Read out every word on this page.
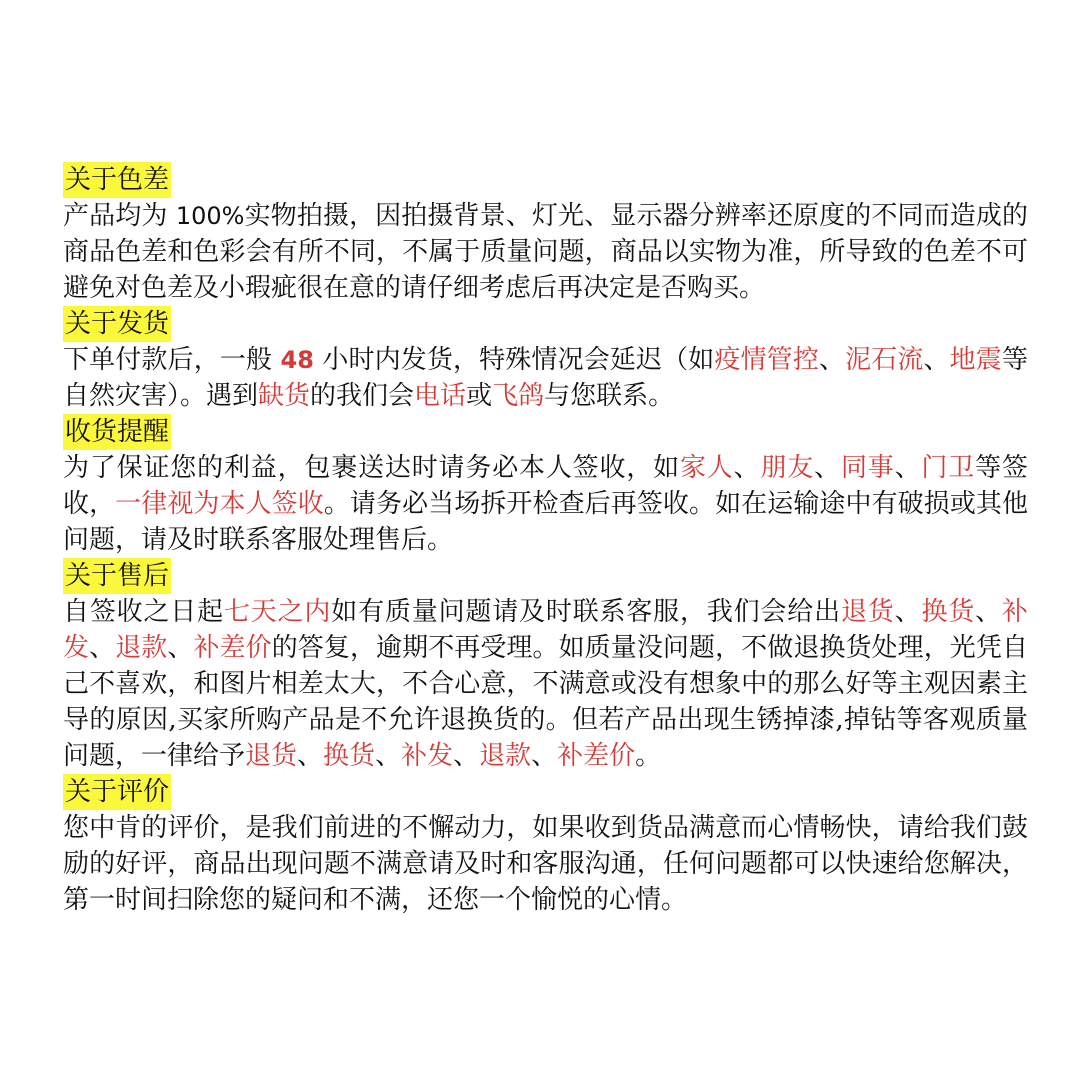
关于色差

产品均为 100%实物拍摄，因拍摄背景、灯光、显示器分辨率还原度的不同而造成的商品色差和色彩会有所不同，不属于质量问题，商品以实物为准，所导致的色差不可避免对色差及小瑕疵很在意的请仔细考虑后再决定是否购买。

关于发货

下单付款后，一般 48 小时内发货，特殊情况会延迟（如疫情管控、泥石流、地震等自然灾害）。遇到缺货的我们会电话或飞鸽与您联系。

收货提醒

为了保证您的利益，包裹送达时请务必本人签收，如家人、朋友、同事、门卫等签收，一律视为本人签收。请务必当场拆开检查后再签收。如在运输途中有破损或其他问题，请及时联系客服处理售后。

关于售后

自签收之日起七天之内如有质量问题请及时联系客服，我们会给出退货、换货、补发、退款、补差价的答复，逾期不再受理。如质量没问题，不做退换货处理，光凭自己不喜欢，和图片相差太大，不合心意，不满意或没有想象中的那么好等主观因素主导的原因,买家所购产品是不允许退换货的。但若产品出现生锈掉漆,掉钻等客观质量问题，一律给予退货、换货、补发、退款、补差价。

关于评价

您中肯的评价，是我们前进的不懈动力，如果收到货品满意而心情畅快，请给我们鼓励的好评，商品出现问题不满意请及时和客服沟通，任何问题都可以快速给您解决，第一时间扫除您的疑问和不满，还您一个愉悦的心情。
